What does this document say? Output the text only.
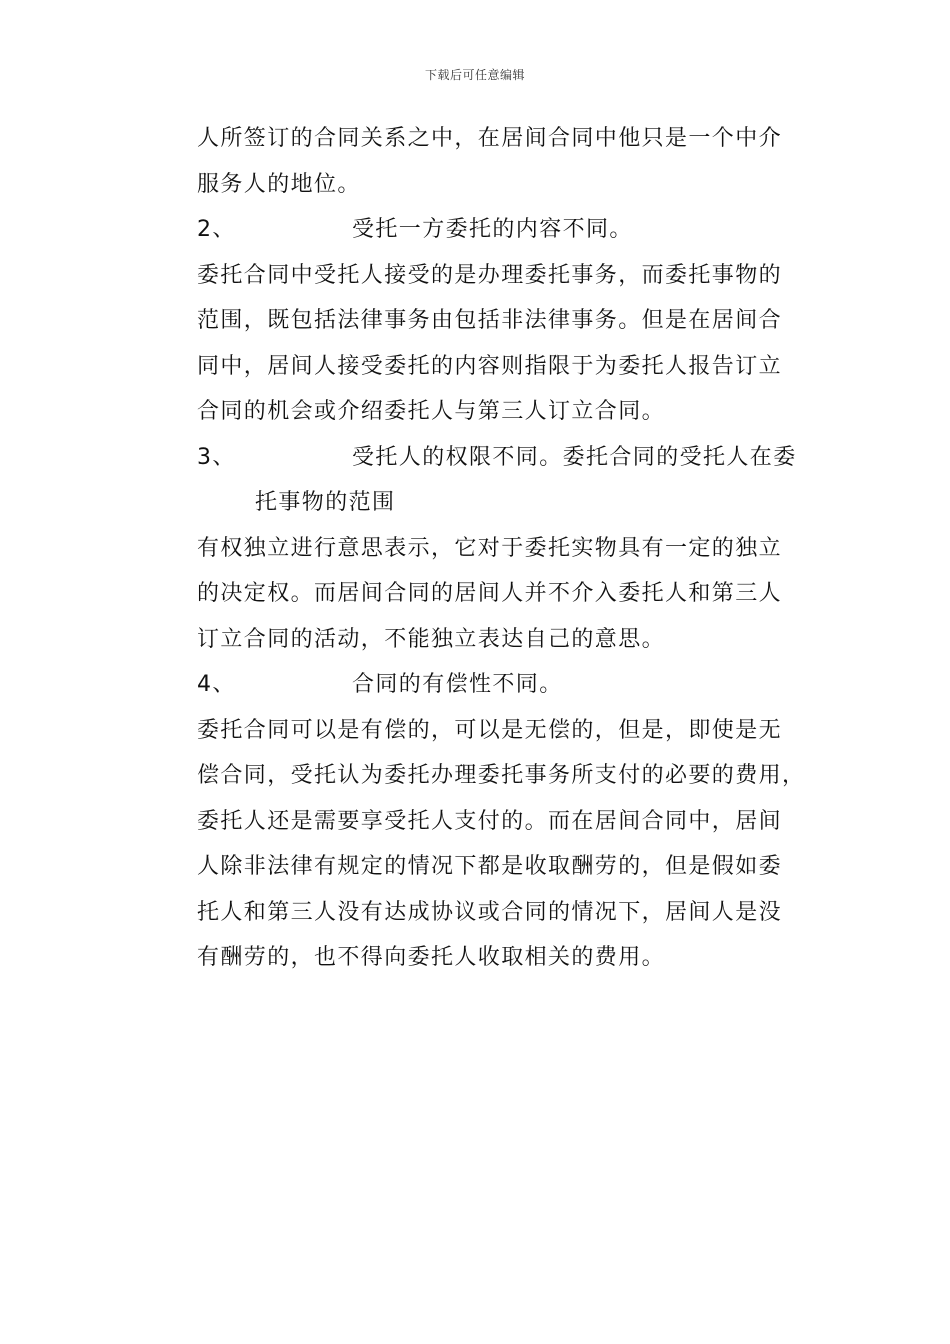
下载后可任意编辑
人所签订的合同关系之中，在居间合同中他只是一个中介
服务人的地位。
2、	受托一方委托的内容不同。
委托合同中受托人接受的是办理委托事务，而委托事物的
范围，既包括法律事务由包括非法律事务。但是在居间合
同中，居间人接受委托的内容则指限于为委托人报告订立
合同的机会或介绍委托人与第三人订立合同。
3、	受托人的权限不同。委托合同的受托人在委
托事物的范围
有权独立进行意思表示，它对于委托实物具有一定的独立
的决定权。而居间合同的居间人并不介入委托人和第三人
订立合同的活动，不能独立表达自己的意思。
4、	合同的有偿性不同。
委托合同可以是有偿的，可以是无偿的，但是，即使是无
偿合同，受托认为委托办理委托事务所支付的必要的费用，
委托人还是需要享受托人支付的。而在居间合同中，居间
人除非法律有规定的情况下都是收取酬劳的，但是假如委
托人和第三人没有达成协议或合同的情况下，居间人是没
有酬劳的，也不得向委托人收取相关的费用。
